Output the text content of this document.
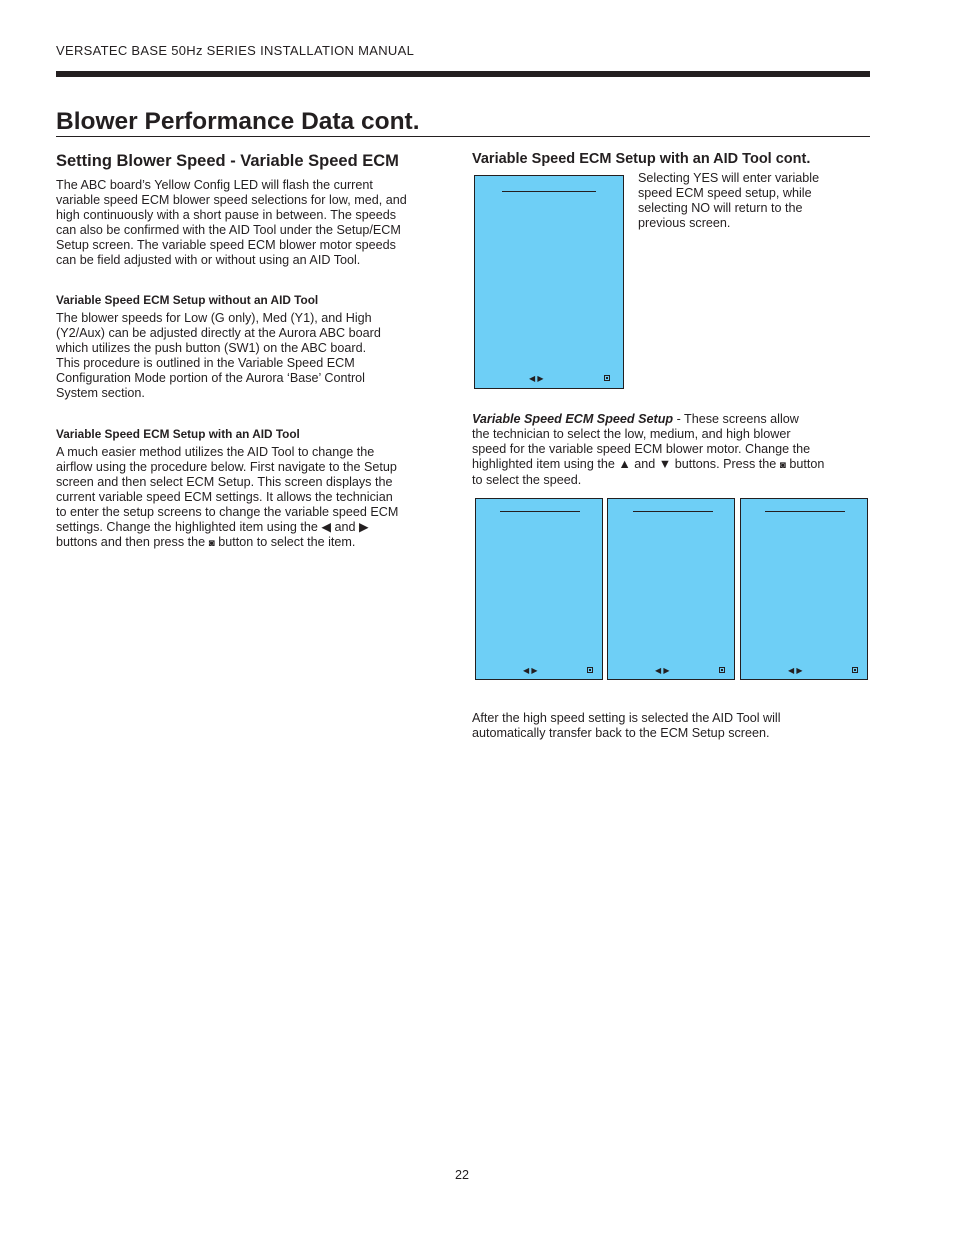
VERSATEC BASE 50Hz SERIES INSTALLATION MANUAL
Blower Performance Data cont.
Setting Blower Speed - Variable Speed ECM
The ABC board’s Yellow Config LED will flash the current
variable speed ECM blower speed selections for low, med, and
high continuously with a short pause in between. The speeds
can also be confirmed with the AID Tool under the Setup/ECM
Setup screen. The variable speed ECM blower motor speeds
can be field adjusted with or without using an AID Tool.
Variable Speed ECM Setup without an AID Tool
The blower speeds for Low (G only), Med (Y1), and High
(Y2/Aux) can be adjusted directly at the Aurora ABC board
which utilizes the push button (SW1) on the ABC board.
This procedure is outlined in the Variable Speed ECM
Configuration Mode portion of the Aurora ‘Base’ Control
System section.
Variable Speed ECM Setup with an AID Tool
A much easier method utilizes the AID Tool to change the
airflow using the procedure below. First navigate to the Setup
screen and then select ECM Setup. This screen displays the
current variable speed ECM settings. It allows the technician
to enter the setup screens to change the variable speed ECM
settings. Change the highlighted item using the ◀ and ▶
buttons and then press the ◙ button to select the item.
Variable Speed ECM Setup with an AID Tool cont.
◀ ▶
Selecting YES will enter variable
speed ECM speed setup, while
selecting NO will return to the
previous screen.
Variable Speed ECM Speed Setup - These screens allow
the technician to select the low, medium, and high blower
speed for the variable speed ECM blower motor. Change the
highlighted item using the ▲ and ▼ buttons. Press the ◙ button
to select the speed.
◀ ▶	◀ ▶	◀ ▶
After the high speed setting is selected the AID Tool will
automatically transfer back to the ECM Setup screen.
22
